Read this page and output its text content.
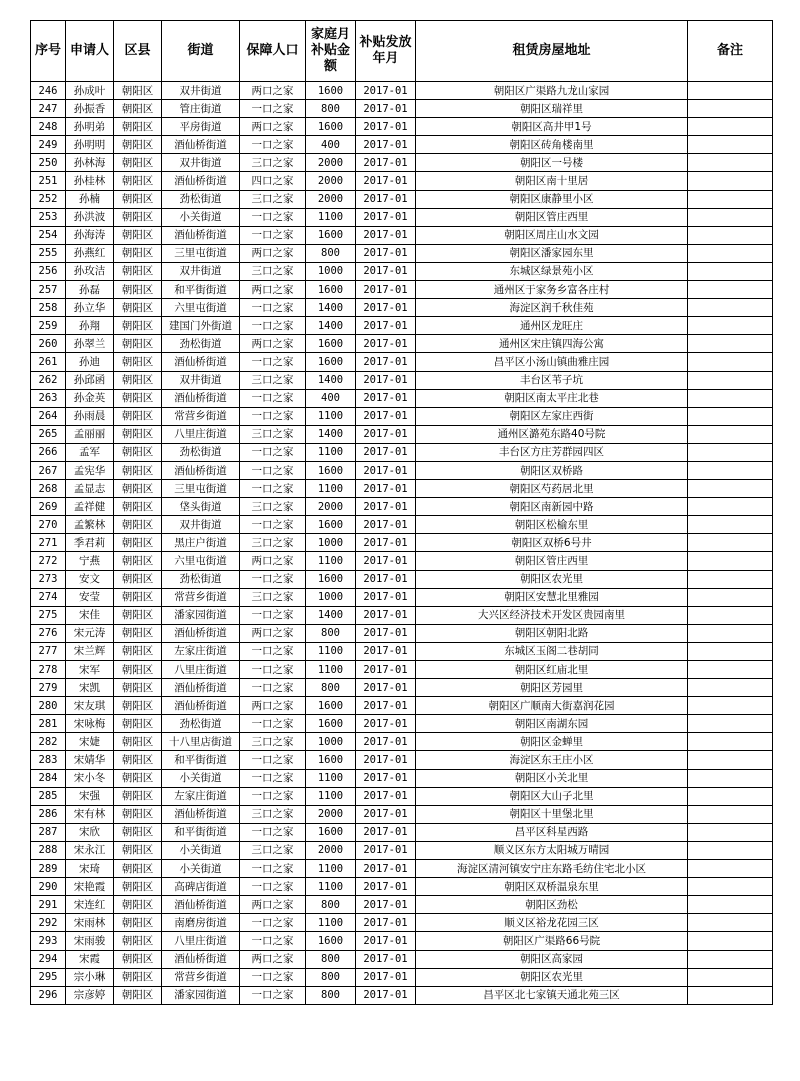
序号	申请人	区县	街道	保障人口	家庭月补贴金额	补贴发放年月	租赁房屋地址	备注
246	孙成叶	朝阳区	双井街道	两口之家	1600	2017-01	朝阳区广渠路九龙山家园	
247	孙振香	朝阳区	管庄街道	一口之家	800	2017-01	朝阳区瑞祥里	
248	孙明弟	朝阳区	平房街道	两口之家	1600	2017-01	朝阳区高井甲1号	
249	孙明明	朝阳区	酒仙桥街道	一口之家	400	2017-01	朝阳区砖角楼南里	
250	孙林海	朝阳区	双井街道	三口之家	2000	2017-01	朝阳区一号楼	
251	孙桂林	朝阳区	酒仙桥街道	四口之家	2000	2017-01	朝阳区南十里居	
252	孙楠	朝阳区	劲松街道	三口之家	2000	2017-01	朝阳区康静里小区	
253	孙洪波	朝阳区	小关街道	一口之家	1100	2017-01	朝阳区管庄西里	
254	孙海涛	朝阳区	酒仙桥街道	一口之家	1600	2017-01	朝阳区周庄山水文园	
255	孙燕红	朝阳区	三里屯街道	两口之家	800	2017-01	朝阳区潘家园东里	
256	孙玫洁	朝阳区	双井街道	三口之家	1000	2017-01	东城区绿景苑小区	
257	孙磊	朝阳区	和平街街道	两口之家	1600	2017-01	通州区于家务乡富各庄村	
258	孙立华	朝阳区	六里屯街道	一口之家	1400	2017-01	海淀区润千秋佳苑	
259	孙翔	朝阳区	建国门外街道	一口之家	1400	2017-01	通州区龙旺庄	
260	孙翠兰	朝阳区	劲松街道	两口之家	1600	2017-01	通州区宋庄镇四海公寓	
261	孙迪	朝阳区	酒仙桥街道	一口之家	1600	2017-01	昌平区小汤山镇曲雅庄园	
262	孙邱函	朝阳区	双井街道	三口之家	1400	2017-01	丰台区苇子坑	
263	孙金英	朝阳区	酒仙桥街道	一口之家	400	2017-01	朝阳区南太平庄北巷	
264	孙雨晨	朝阳区	常营乡街道	一口之家	1100	2017-01	朝阳区左家庄西街	
265	孟丽丽	朝阳区	八里庄街道	三口之家	1400	2017-01	通州区潞苑东路40号院	
266	孟军	朝阳区	劲松街道	一口之家	1100	2017-01	丰台区方庄芳群园四区	
267	孟宪华	朝阳区	酒仙桥街道	一口之家	1600	2017-01	朝阳区双桥路	
268	孟显志	朝阳区	三里屯街道	一口之家	1100	2017-01	朝阳区芍药居北里	
269	孟祥健	朝阳区	垡头街道	三口之家	2000	2017-01	朝阳区南新园中路	
270	孟繁林	朝阳区	双井街道	一口之家	1600	2017-01	朝阳区松榆东里	
271	季君莉	朝阳区	黑庄户街道	三口之家	1000	2017-01	朝阳区双桥6号井	
272	宁燕	朝阳区	六里屯街道	两口之家	1100	2017-01	朝阳区管庄西里	
273	安文	朝阳区	劲松街道	一口之家	1600	2017-01	朝阳区农光里	
274	安莹	朝阳区	常营乡街道	三口之家	1000	2017-01	朝阳区安慧北里雅园	
275	宋佳	朝阳区	潘家园街道	一口之家	1400	2017-01	大兴区经济技术开发区贵园南里	
276	宋元涛	朝阳区	酒仙桥街道	两口之家	800	2017-01	朝阳区朝阳北路	
277	宋兰辉	朝阳区	左家庄街道	一口之家	1100	2017-01	东城区玉阁二巷胡同	
278	宋军	朝阳区	八里庄街道	一口之家	1100	2017-01	朝阳区红庙北里	
279	宋凯	朝阳区	酒仙桥街道	一口之家	800	2017-01	朝阳区芳园里	
280	宋友琪	朝阳区	酒仙桥街道	两口之家	1600	2017-01	朝阳区广顺南大街嘉润花园	
281	宋咏梅	朝阳区	劲松街道	一口之家	1600	2017-01	朝阳区南湖东园	
282	宋婕	朝阳区	十八里店街道	三口之家	1000	2017-01	朝阳区金蝉里	
283	宋婧华	朝阳区	和平街街道	一口之家	1600	2017-01	海淀区东王庄小区	
284	宋小冬	朝阳区	小关街道	一口之家	1100	2017-01	朝阳区小关北里	
285	宋强	朝阳区	左家庄街道	一口之家	1100	2017-01	朝阳区大山子北里	
286	宋有林	朝阳区	酒仙桥街道	三口之家	2000	2017-01	朝阳区十里堡北里	
287	宋欣	朝阳区	和平街街道	一口之家	1600	2017-01	昌平区科星西路	
288	宋永江	朝阳区	小关街道	三口之家	2000	2017-01	顺义区东方太阳城万晴园	
289	宋琦	朝阳区	小关街道	一口之家	1100	2017-01	海淀区清河镇安宁庄东路毛纺住宅北小区	
290	宋艳霞	朝阳区	高碑店街道	一口之家	1100	2017-01	朝阳区双桥温泉东里	
291	宋连红	朝阳区	酒仙桥街道	两口之家	800	2017-01	朝阳区劲松	
292	宋雨林	朝阳区	南磨房街道	一口之家	1100	2017-01	顺义区裕龙花园三区	
293	宋雨骏	朝阳区	八里庄街道	一口之家	1600	2017-01	朝阳区广渠路66号院	
294	宋霞	朝阳区	酒仙桥街道	两口之家	800	2017-01	朝阳区高家园	
295	宗小琳	朝阳区	常营乡街道	一口之家	800	2017-01	朝阳区农光里	
296	宗彦婷	朝阳区	潘家园街道	一口之家	800	2017-01	昌平区北七家镇天通北苑三区	
